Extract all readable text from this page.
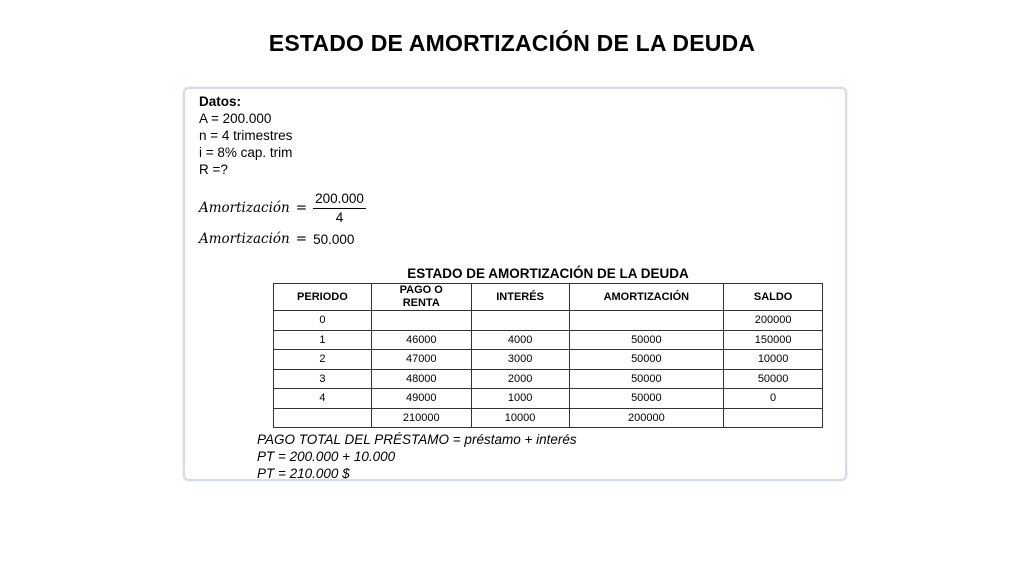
ESTADO DE AMORTIZACIÓN DE LA DEUDA
Datos:
A = 200.000
n = 4 trimestres
i = 8% cap. trim
R =?
Amortización = $\frac{200.000}{4}$
Amortización = 50.000
ESTADO DE AMORTIZACIÓN DE LA DEUDA
PERIODO	PAGO O RENTA	INTERÉS	AMORTIZACIÓN	SALDO
0				200000
1	46000	4000	50000	150000
2	47000	3000	50000	10000
3	48000	2000	50000	50000
4	49000	1000	50000	0
	210000	10000	200000	
PAGO TOTAL DEL PRÉSTAMO = préstamo + interés
PT = 200.000 + 10.000
PT = 210.000 $
